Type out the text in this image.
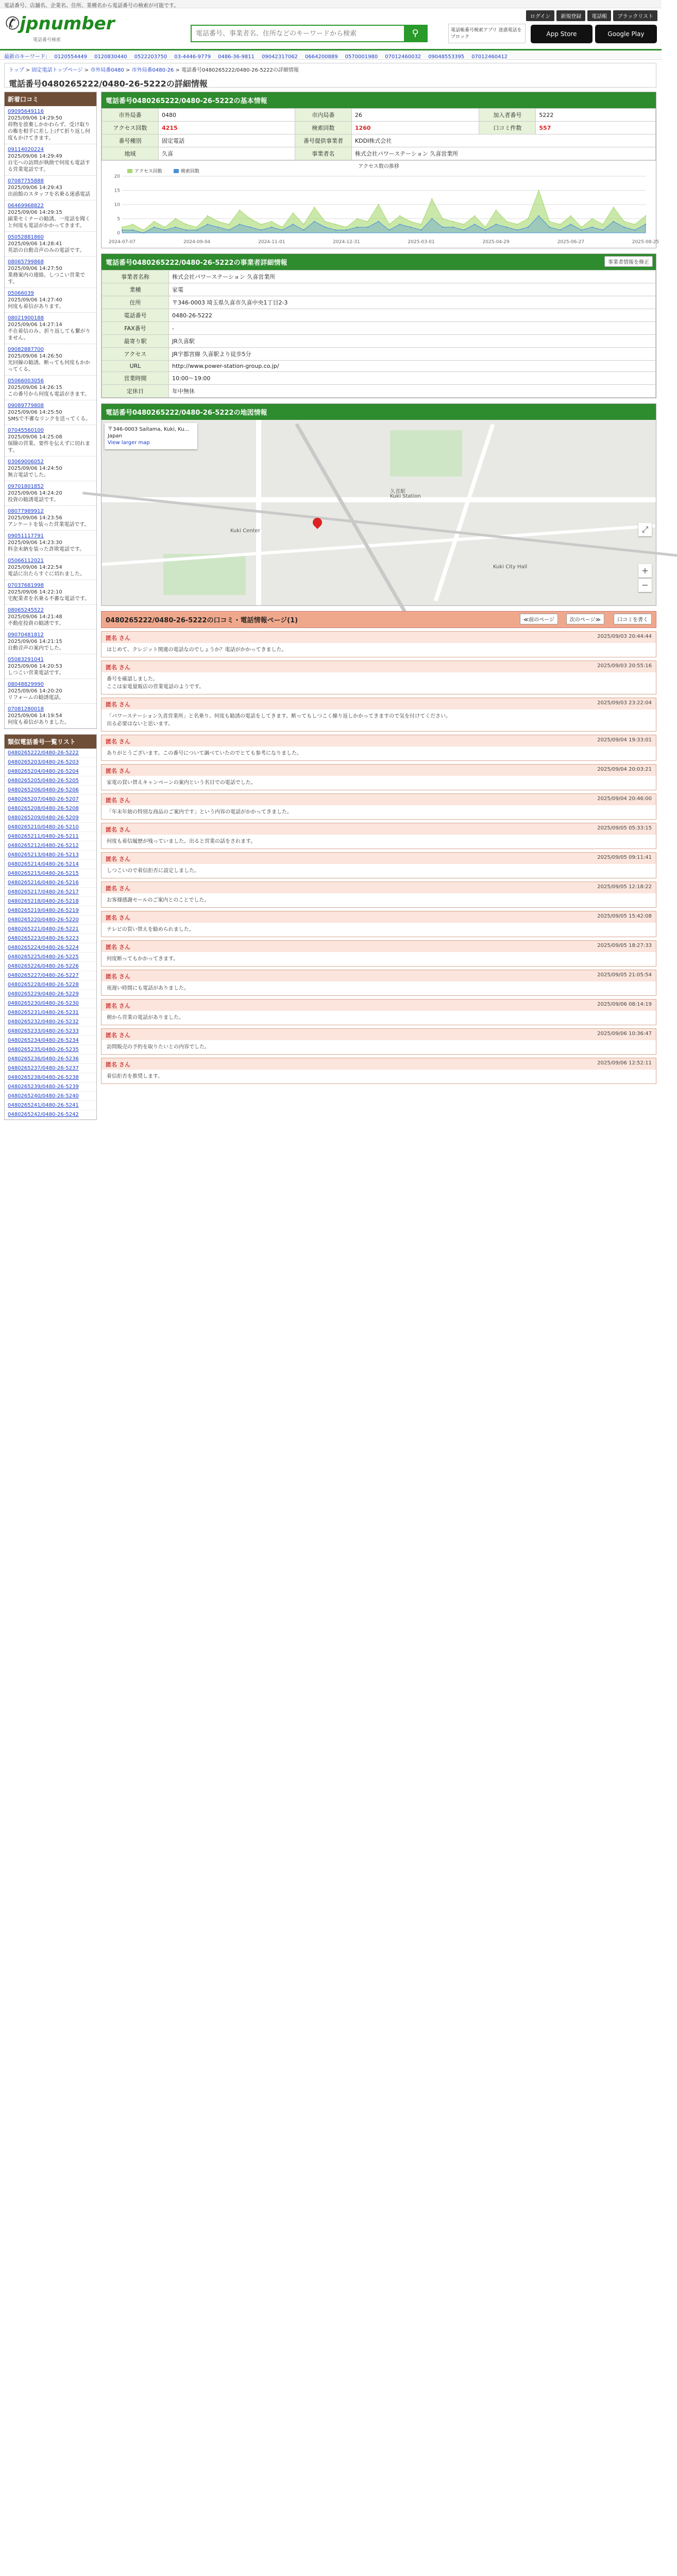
電話番号、店舗名、企業名、住所、業種名から電話番号の検索が可能です。
✆jpnumber
電話番号検索
電話番号、事業者名、住所などのキーワードから検索
⚲
ログイン	新規登録	電話帳	ブラックリスト
電話帳番号検索アプリ 迷惑電話をブロック	App Store	Google Play
最新のキーワード: 0120554449 0120830440 0522203750 03-4446-9779 0486-36-9811 09042317062 0664200889 0570001980 07012460032 09048553395 07012460412
トップ > 固定電話トップページ > 市外局番0480 > 市外局番0480-26 > 電話番号0480265222/0480-26-5222の詳細情報
電話番号0480265222/0480-26-5222の詳細情報
新着口コミ
09095649116
2025/09/06 14:29:50
荷物を放棄しかかわらず、受け取りの権を相手に差し上げて折り返し何度もかけてきます。
09114020224
2025/09/06 14:29:49
自宅への訪問が執拗で何度も電話する営業電話です。
07087755888
2025/09/06 14:29:43
出前館のスタッフを名乗る迷惑電話
06469968822
2025/09/06 14:29:15
副業セミナーの勧誘、一度話を聞くと何度も電話がかかってきます。
05052881860
2025/09/06 14:28:41
英語の自動音声のみの電話です。
08065799868
2025/09/06 14:27:50
業務案内の連絡、しつこい営業です。
05066039
2025/09/06 14:27:40
何度も着信があります。
08021900188
2025/09/06 14:27:14
不在着信のみ、折り返しても繋がりません。
09082887700
2025/09/06 14:26:50
光回線の勧誘、断っても何度もかかってくる。
05066003056
2025/09/06 14:26:15
この番号から何度も電話がきます。
09089779808
2025/09/06 14:25:50
SMSで不審なリンクを送ってくる。
07045560100
2025/09/06 14:25:08
保険の営業、要件を伝えずに切れます。
03069006052
2025/09/06 14:24:50
無言電話でした。
09701801852
2025/09/06 14:24:20
投資の勧誘電話です。
08077989912
2025/09/06 14:23:56
アンケートを装った営業電話です。
09051117791
2025/09/06 14:23:30
料金未納を装った詐欺電話です。
05066112021
2025/09/06 14:22:54
電話に出たらすぐに切れました。
07037681998
2025/09/06 14:22:10
宅配業者を名乗る不審な電話です。
08065245522
2025/09/06 14:21:48
不動産投資の勧誘です。
09070481812
2025/09/06 14:21:15
自動音声の案内でした。
05083291041
2025/09/06 14:20:53
しつこい営業電話です。
08048829990
2025/09/06 14:20:20
リフォームの勧誘電話。
07081280018
2025/09/06 14:19:54
何度も着信がありました。
類似電話番号一覧リスト
0480265222/0480-26-5222
0480265203/0480-26-5203
0480265204/0480-26-5204
0480265205/0480-26-5205
0480265206/0480-26-5206
0480265207/0480-26-5207
0480265208/0480-26-5208
0480265209/0480-26-5209
0480265210/0480-26-5210
0480265211/0480-26-5211
0480265212/0480-26-5212
0480265213/0480-26-5213
0480265214/0480-26-5214
0480265215/0480-26-5215
0480265216/0480-26-5216
0480265217/0480-26-5217
0480265218/0480-26-5218
0480265219/0480-26-5219
0480265220/0480-26-5220
0480265221/0480-26-5221
0480265223/0480-26-5223
0480265224/0480-26-5224
0480265225/0480-26-5225
0480265226/0480-26-5226
0480265227/0480-26-5227
0480265228/0480-26-5228
0480265229/0480-26-5229
0480265230/0480-26-5230
0480265231/0480-26-5231
0480265232/0480-26-5232
0480265233/0480-26-5233
0480265234/0480-26-5234
0480265235/0480-26-5235
0480265236/0480-26-5236
0480265237/0480-26-5237
0480265238/0480-26-5238
0480265239/0480-26-5239
0480265240/0480-26-5240
0480265241/0480-26-5241
0480265242/0480-26-5242
電話番号0480265222/0480-26-5222の基本情報
市外局番	0480	市内局番	26	加入者番号	5222
アクセス回数	4215	検索回数	1260	口コミ件数	557
番号種別	固定電話	番号提供事業者	KDDI株式会社		
地域	久喜	事業者名	株式会社パワーステーション 久喜営業所		
アクセス数の推移
0
5
10
15
20
アクセス回数	検索回数
2024-07-07	2024-09-04	2024-11-01	2024-12-31	2025-03-01	2025-04-29	2025-06-27	2025-08-25
電話番号0480265222/0480-26-5222の事業者詳細情報	事業者情報を修正
事業者名称	株式会社パワーステーション 久喜営業所
業種	家電
住所	〒346-0003 埼玉県久喜市久喜中央1丁目2-3
電話番号	0480-26-5222
FAX番号	-
最寄り駅	JR久喜駅
アクセス	JR宇都宮線 久喜駅より徒歩5分
URL	http://www.power-station-group.co.jp/
営業時間	10:00〜19:00
定休日	年中無休
電話番号0480265222/0480-26-5222の地図情報
久喜駅
Kuki Station
Kuki Center
Kuki City Hall
〒346-0003 Saitama, Kuki, Ku...
Japan
View larger map
⤢
+
−
0480265222/0480-26-5222の口コミ・電話情報ページ(1)	≪前のページ	次のページ≫	口コミを書く
匿名 さん	2025/09/03 20:44:44
はじめて、クレジット関連の電話なのでしょうか？電話がかかってきました。
匿名 さん	2025/09/03 20:55:16
番号を確認しました。
ここは家電量販店の営業電話のようです。
匿名 さん	2025/09/03 23:22:04
「パワーステーション久喜営業所」と名乗り、何度も勧誘の電話をしてきます。断ってもしつこく繰り返しかかってきますので気を付けてください。
出る必要はないと思います。
匿名 さん	2025/09/04 19:33:01
ありがとうございます。この番号について調べていたのでとても参考になりました。
匿名 さん	2025/09/04 20:03:21
家電の買い替えキャンペーンの案内という名目での電話でした。
匿名 さん	2025/09/04 20:46:00
「年末年始の特別な商品のご案内です」という内容の電話がかかってきました。
匿名 さん	2025/09/05 05:33:15
何度も着信履歴が残っていました。出ると営業の話をされます。
匿名 さん	2025/09/05 09:11:41
しつこいので着信拒否に設定しました。
匿名 さん	2025/09/05 12:18:22
お客様感謝セールのご案内とのことでした。
匿名 さん	2025/09/05 15:42:08
テレビの買い替えを勧められました。
匿名 さん	2025/09/05 18:27:33
何度断ってもかかってきます。
匿名 さん	2025/09/05 21:05:54
夜遅い時間にも電話がありました。
匿名 さん	2025/09/06 08:14:19
朝から営業の電話がありました。
匿名 さん	2025/09/06 10:36:47
訪問販売の予約を取りたいとの内容でした。
匿名 さん	2025/09/06 12:52:11
着信拒否を推奨します。
